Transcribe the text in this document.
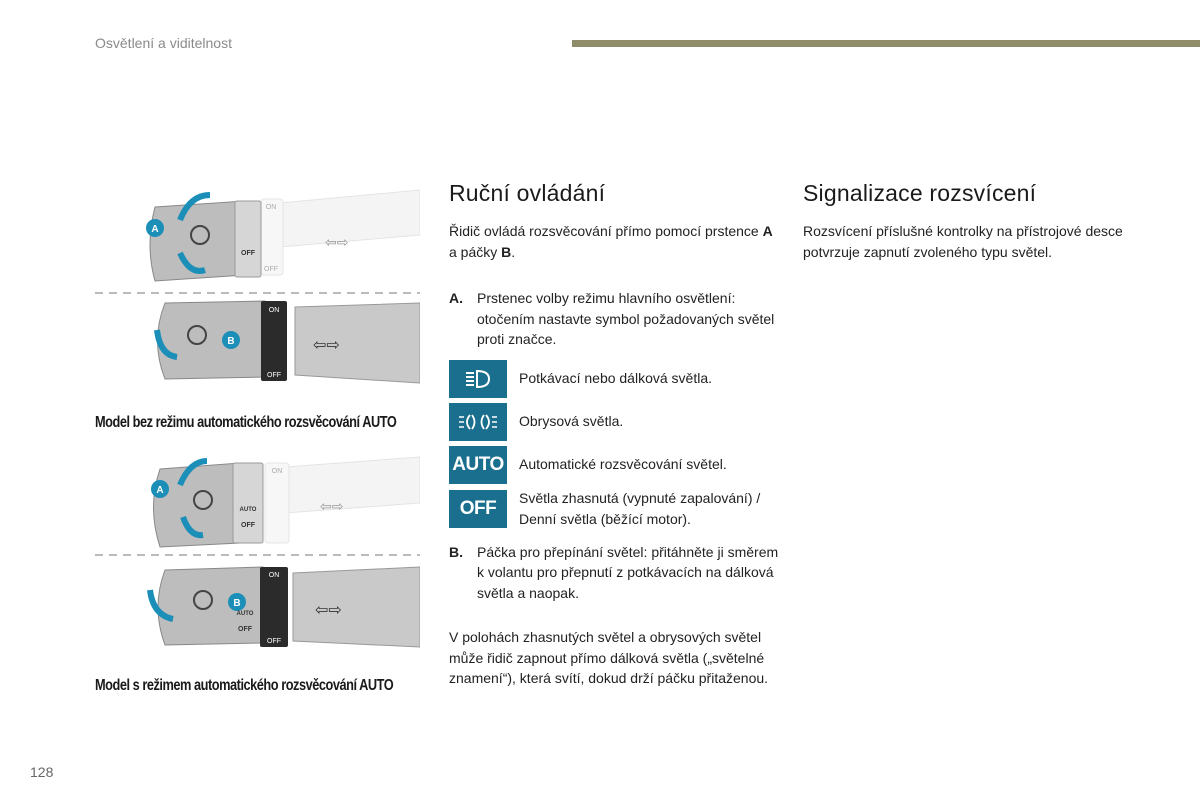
Osvětlení a viditelnost
A
ON
OFF
OFF
⇦⇨
B
ON
OFF
⇦⇨
Model bez režimu automatického rozsvěcování AUTO
A
AUTO
OFF
ON
⇦⇨
B
AUTO
OFF
ON
OFF
⇦⇨
Model s režimem automatického rozsvěcování AUTO
Ruční ovládání

Řidič ovládá rozsvěcování přímo pomocí prstence A a páčky B.

A. Prstenec volby režimu hlavního osvětlení: otočením nastavte symbol požadovaných světel proti značce.
Potkávací nebo dálková světla.
Obrysová světla.
AUTO Automatické rozsvěcování světel.
OFF	Světla zhasnutá (vypnuté zapalování) / Denní světla (běžící motor).
B. Páčka pro přepínání světel: přitáhněte ji směrem k volantu pro přepnutí z potkávacích na dálková světla a naopak.

V polohách zhasnutých světel a obrysových světel může řidič zapnout přímo dálková světla („světelné znamení“), která svítí, dokud drží páčku přitaženou.

Signalizace rozsvícení

Rozsvícení příslušné kontrolky na přístrojové desce potvrzuje zapnutí zvoleného typu světel.

128
